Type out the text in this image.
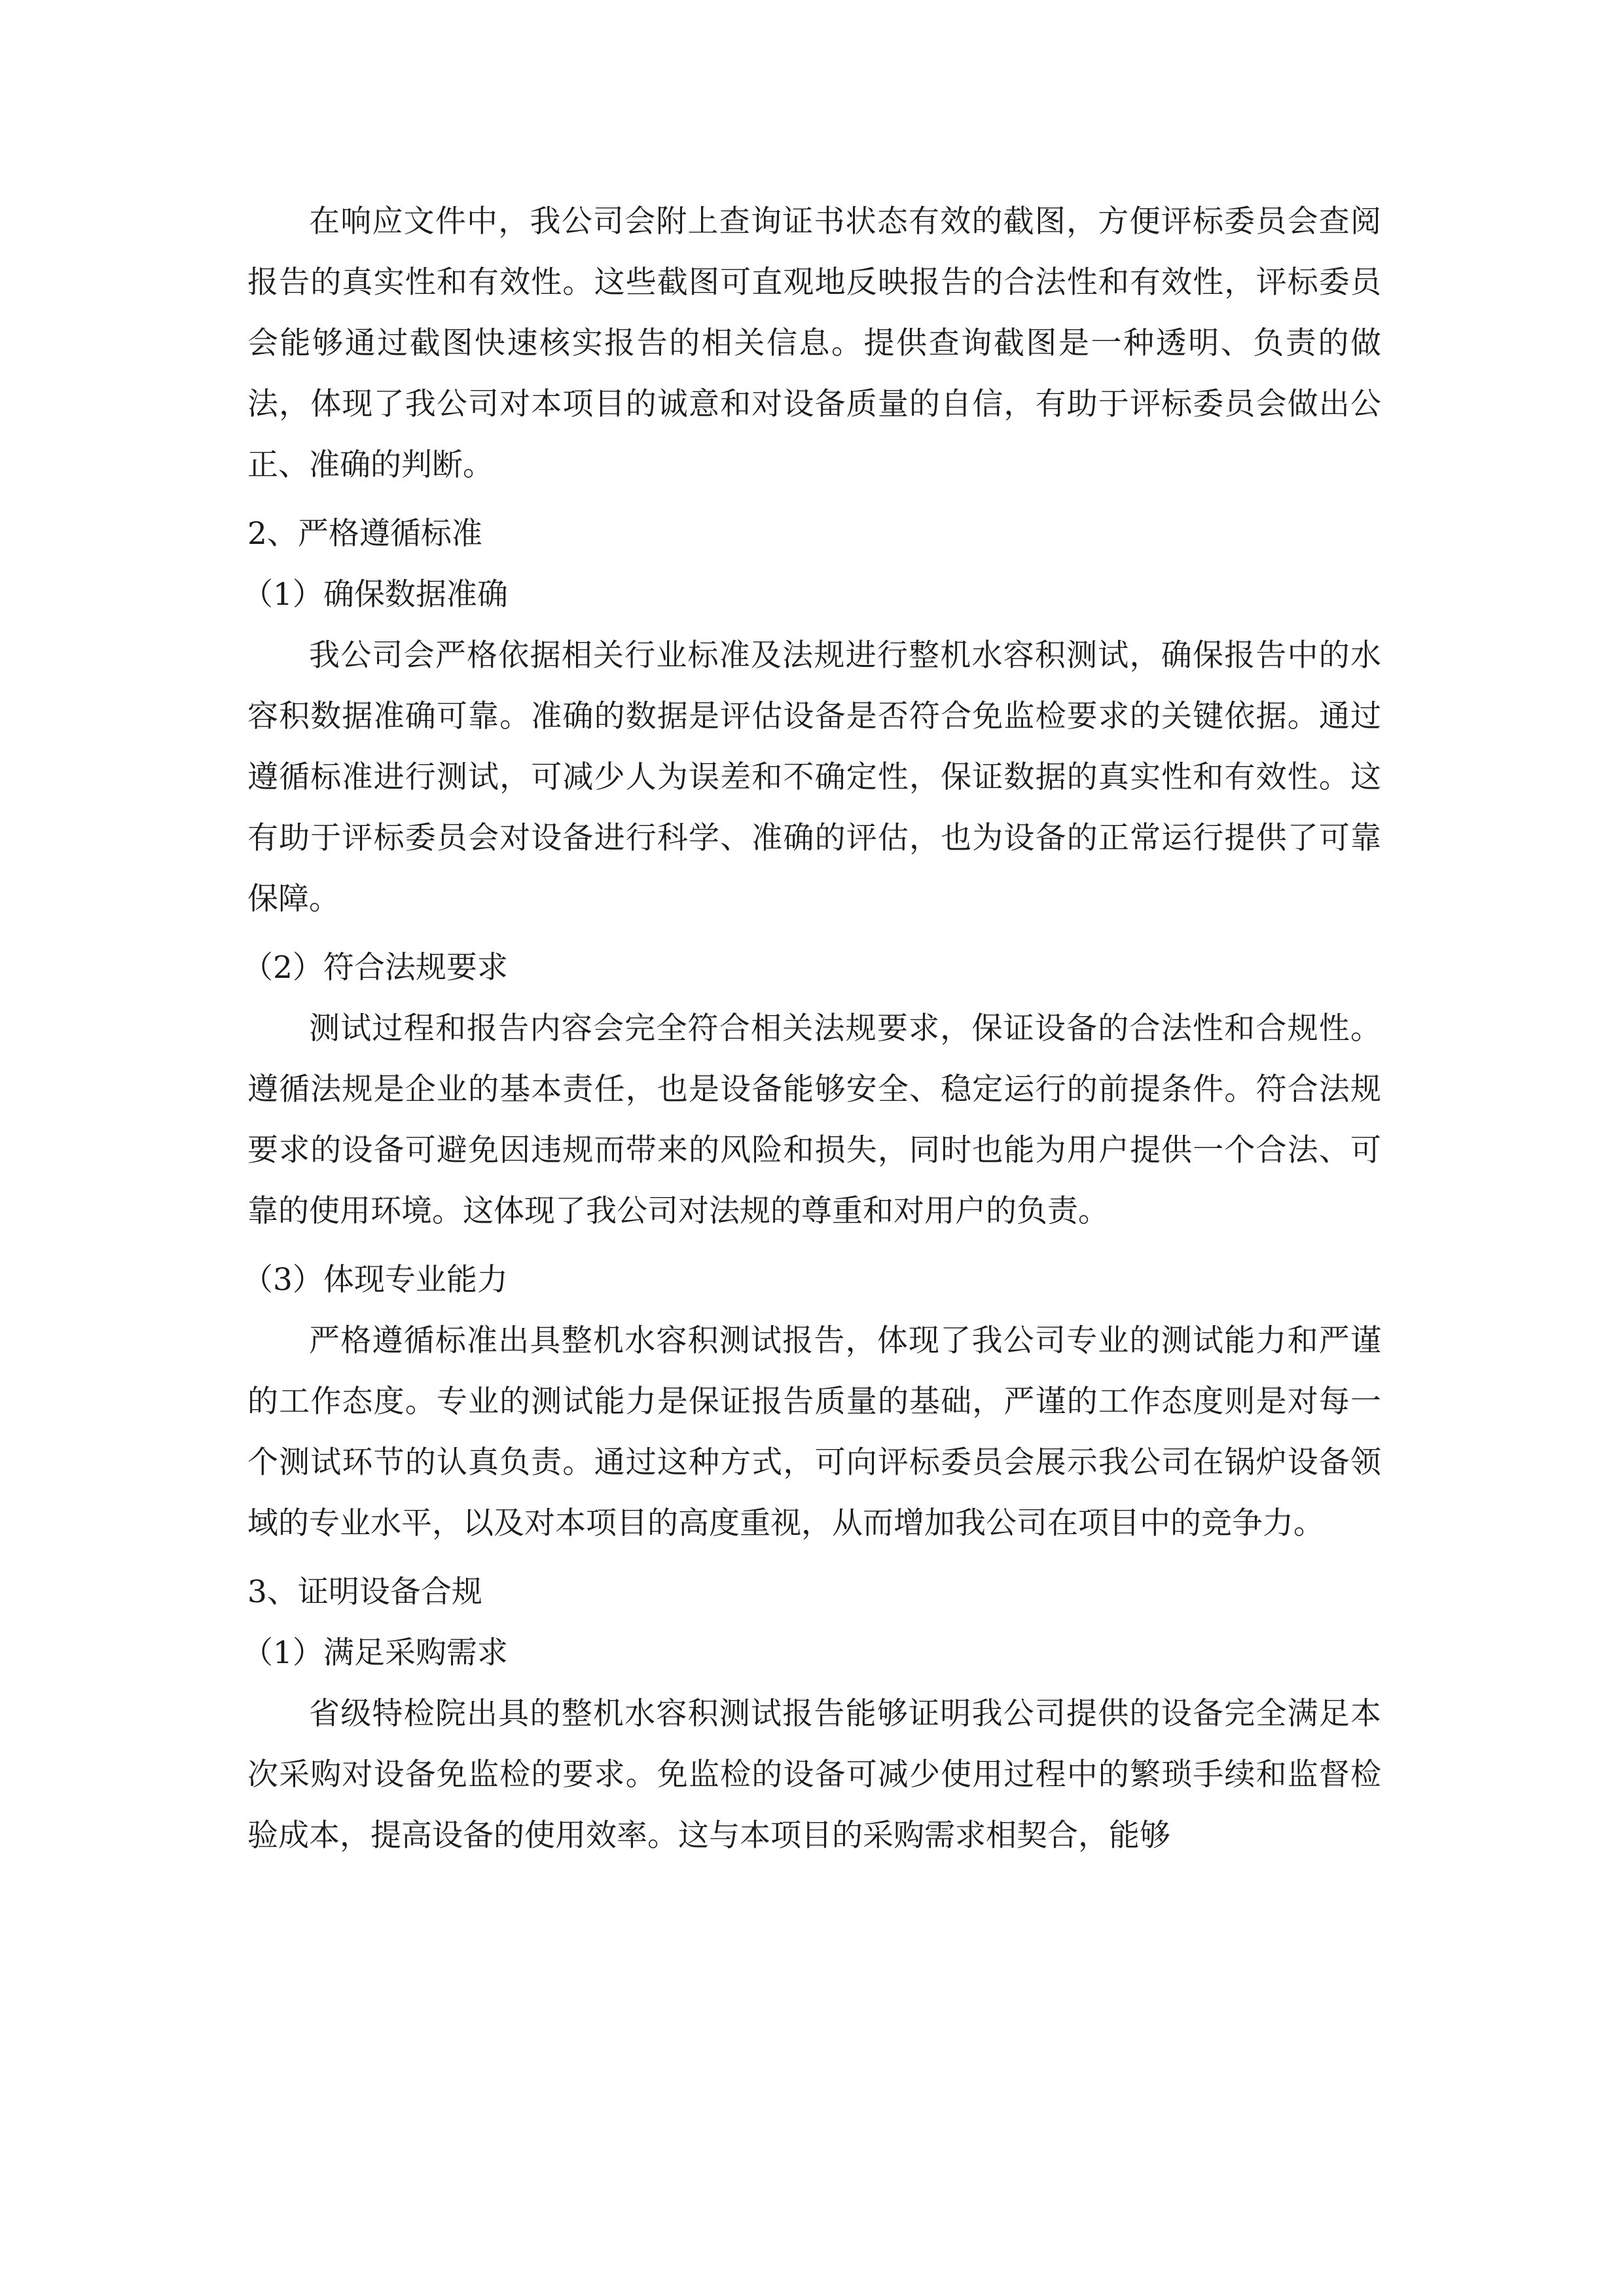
在响应文件中，我公司会附上查询证书状态有效的截图，方便评标委员会查阅报告的真实性和有效性。这些截图可直观地反映报告的合法性和有效性，评标委员会能够通过截图快速核实报告的相关信息。提供查询截图是一种透明、负责的做法，体现了我公司对本项目的诚意和对设备质量的自信，有助于评标委员会做出公正、准确的判断。

2、严格遵循标准

（1）确保数据准确

我公司会严格依据相关行业标准及法规进行整机水容积测试，确保报告中的水容积数据准确可靠。准确的数据是评估设备是否符合免监检要求的关键依据。通过遵循标准进行测试，可减少人为误差和不确定性，保证数据的真实性和有效性。这有助于评标委员会对设备进行科学、准确的评估，也为设备的正常运行提供了可靠保障。

（2）符合法规要求

测试过程和报告内容会完全符合相关法规要求，保证设备的合法性和合规性。遵循法规是企业的基本责任，也是设备能够安全、稳定运行的前提条件。符合法规要求的设备可避免因违规而带来的风险和损失，同时也能为用户提供一个合法、可靠的使用环境。这体现了我公司对法规的尊重和对用户的负责。

（3）体现专业能力

严格遵循标准出具整机水容积测试报告，体现了我公司专业的测试能力和严谨的工作态度。专业的测试能力是保证报告质量的基础，严谨的工作态度则是对每一个测试环节的认真负责。通过这种方式，可向评标委员会展示我公司在锅炉设备领域的专业水平，以及对本项目的高度重视，从而增加我公司在项目中的竞争力。

3、证明设备合规

（1）满足采购需求

省级特检院出具的整机水容积测试报告能够证明我公司提供的设备完全满足本次采购对设备免监检的要求。免监检的设备可减少使用过程中的繁琐手续和监督检验成本，提高设备的使用效率。这与本项目的采购需求相契合，能够
